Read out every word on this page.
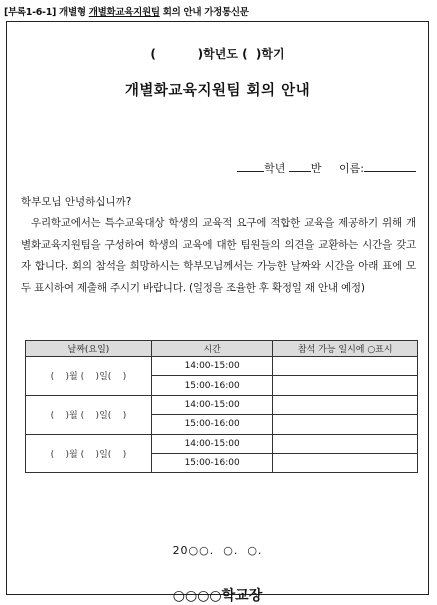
[부록1-6-1] 개별형 개별화교육지원팀 회의 안내 가정통신문
(          )학년도 (  )학기
개별화교육지원팀 회의 안내
학년 반 이름:
학부모님 안녕하십니까?
우리학교에서는 특수교육대상 학생의 교육적 요구에 적합한 교육을 제공하기 위해 개별화교육지원팀을 구성하여 학생의 교육에 대한 팀원들의 의견을 교환하는 시간을 갖고자 합니다. 회의 참석을 희망하시는 학부모님께서는 가능한 날짜와 시간을 아래 표에 모두 표시하여 제출해 주시기 바랍니다. (일정을 조율한 후 확정일 재 안내 예정)
날짜(요일)	시간	참석 가능 일시에 ○표시
(    )월 (    )일(    )	14:00-15:00	
	15:00-16:00	
(    )월 (    )일(    )	14:00-15:00	
	15:00-16:00	
(    )월 (    )일(    )	14:00-15:00	
	15:00-16:00	
20○○.  ○.  ○.
○○○○학교장
